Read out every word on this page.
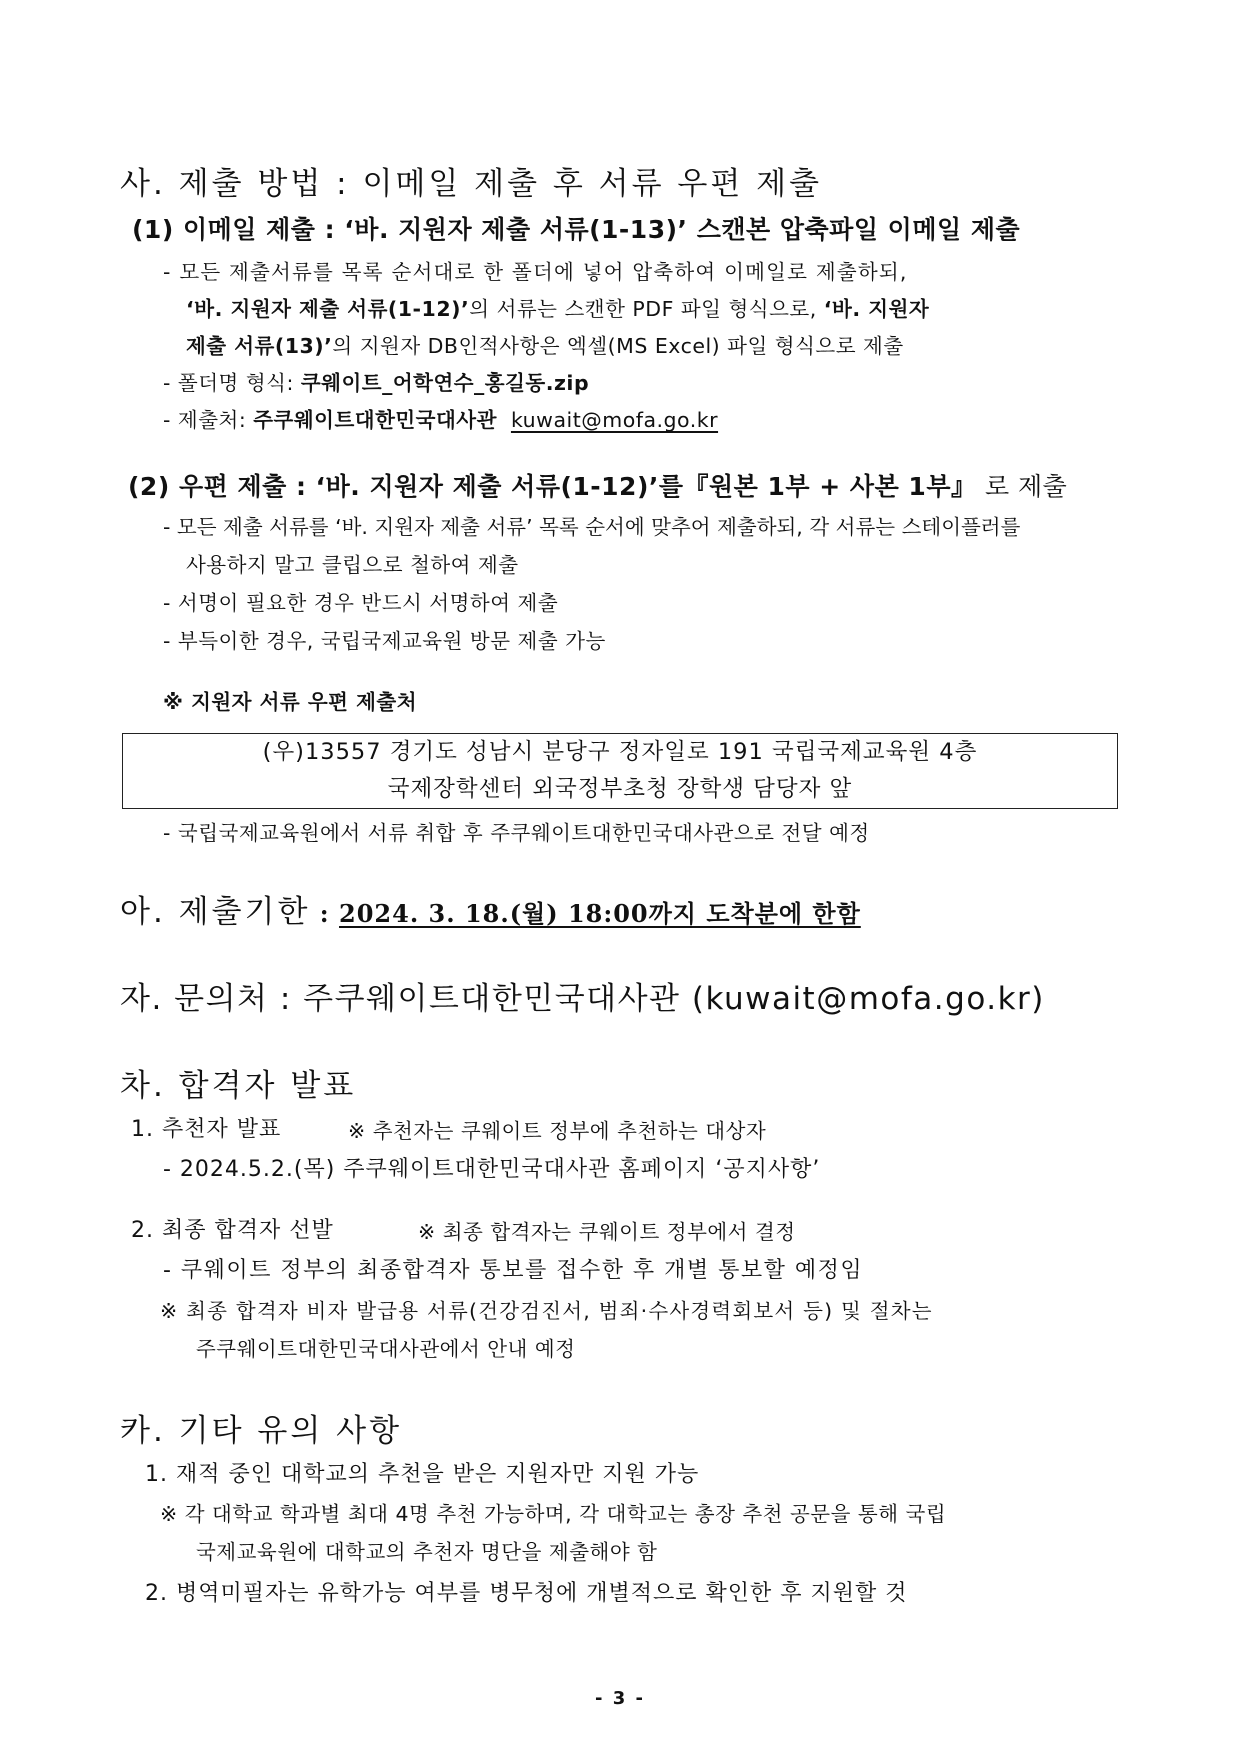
사. 제출 방법 : 이메일 제출 후 서류 우편 제출
(1) 이메일 제출 : ‘바. 지원자 제출 서류(1-13)’ 스캔본 압축파일 이메일 제출
- 모든 제출서류를 목록 순서대로 한 폴더에 넣어 압축하여 이메일로 제출하되,
‘바. 지원자 제출 서류(1-12)’의 서류는 스캔한 PDF 파일 형식으로, ‘바. 지원자
제출 서류(13)’의 지원자 DB인적사항은 엑셀(MS Excel) 파일 형식으로 제출
- 폴더명 형식: 쿠웨이트_어학연수_홍길동.zip
- 제출처: 주쿠웨이트대한민국대사관 kuwait@mofa.go.kr
(2) 우편 제출 : ‘바. 지원자 제출 서류(1-12)’를『원본 1부 + 사본 1부』 로 제출
- 모든 제출 서류를 ‘바. 지원자 제출 서류’ 목록 순서에 맞추어 제출하되, 각 서류는 스테이플러를
사용하지 말고 클립으로 철하여 제출
- 서명이 필요한 경우 반드시 서명하여 제출
- 부득이한 경우, 국립국제교육원 방문 제출 가능
※ 지원자 서류 우편 제출처
(우)13557 경기도 성남시 분당구 정자일로 191 국립국제교육원 4층
국제장학센터 외국정부초청 장학생 담당자 앞
- 국립국제교육원에서 서류 취합 후 주쿠웨이트대한민국대사관으로 전달 예정
아. 제출기한 : 2024. 3. 18.(월) 18:00까지 도착분에 한함
자. 문의처 : 주쿠웨이트대한민국대사관 (kuwait@mofa.go.kr)
차. 합격자 발표
1. 추천자 발표	※ 추천자는 쿠웨이트 정부에 추천하는 대상자
- 2024.5.2.(목) 주쿠웨이트대한민국대사관 홈페이지 ‘공지사항’
2. 최종 합격자 선발	※ 최종 합격자는 쿠웨이트 정부에서 결정
- 쿠웨이트 정부의 최종합격자 통보를 접수한 후 개별 통보할 예정임
※ 최종 합격자 비자 발급용 서류(건강검진서, 범죄·수사경력회보서 등) 및 절차는
주쿠웨이트대한민국대사관에서 안내 예정
카. 기타 유의 사항
1. 재적 중인 대학교의 추천을 받은 지원자만 지원 가능
※ 각 대학교 학과별 최대 4명 추천 가능하며, 각 대학교는 총장 추천 공문을 통해 국립
국제교육원에 대학교의 추천자 명단을 제출해야 함
2. 병역미필자는 유학가능 여부를 병무청에 개별적으로 확인한 후 지원할 것
- 3 -
